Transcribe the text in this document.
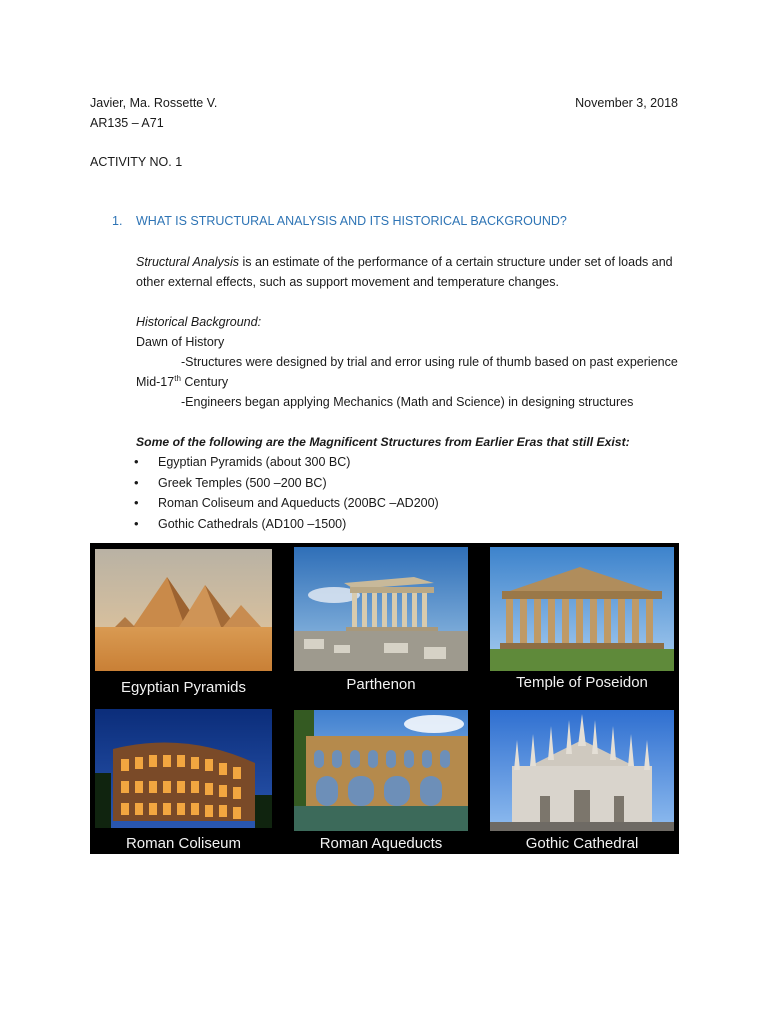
Javier, Ma. Rossette V.	November 3, 2018
AR135 – A71
ACTIVITY NO. 1
1. WHAT IS STRUCTURAL ANALYSIS AND ITS HISTORICAL BACKGROUND?
Structural Analysis is an estimate of the performance of a certain structure under set of loads and
other external effects, such as support movement and temperature changes.
Historical Background:
Dawn of History
-Structures were designed by trial and error using rule of thumb based on past experience
Mid-17th Century
-Engineers began applying Mechanics (Math and Science) in designing structures
Some of the following are the Magnificent Structures from Earlier Eras that still Exist:
• Egyptian Pyramids (about 300 BC)
• Greek Temples (500 –200 BC)
• Roman Coliseum and Aqueducts (200BC –AD200)
• Gothic Cathedrals (AD100 –1500)
Egyptian Pyramids	Parthenon	Temple of Poseidon
Roman Coliseum	Roman Aqueducts	Gothic Cathedral
